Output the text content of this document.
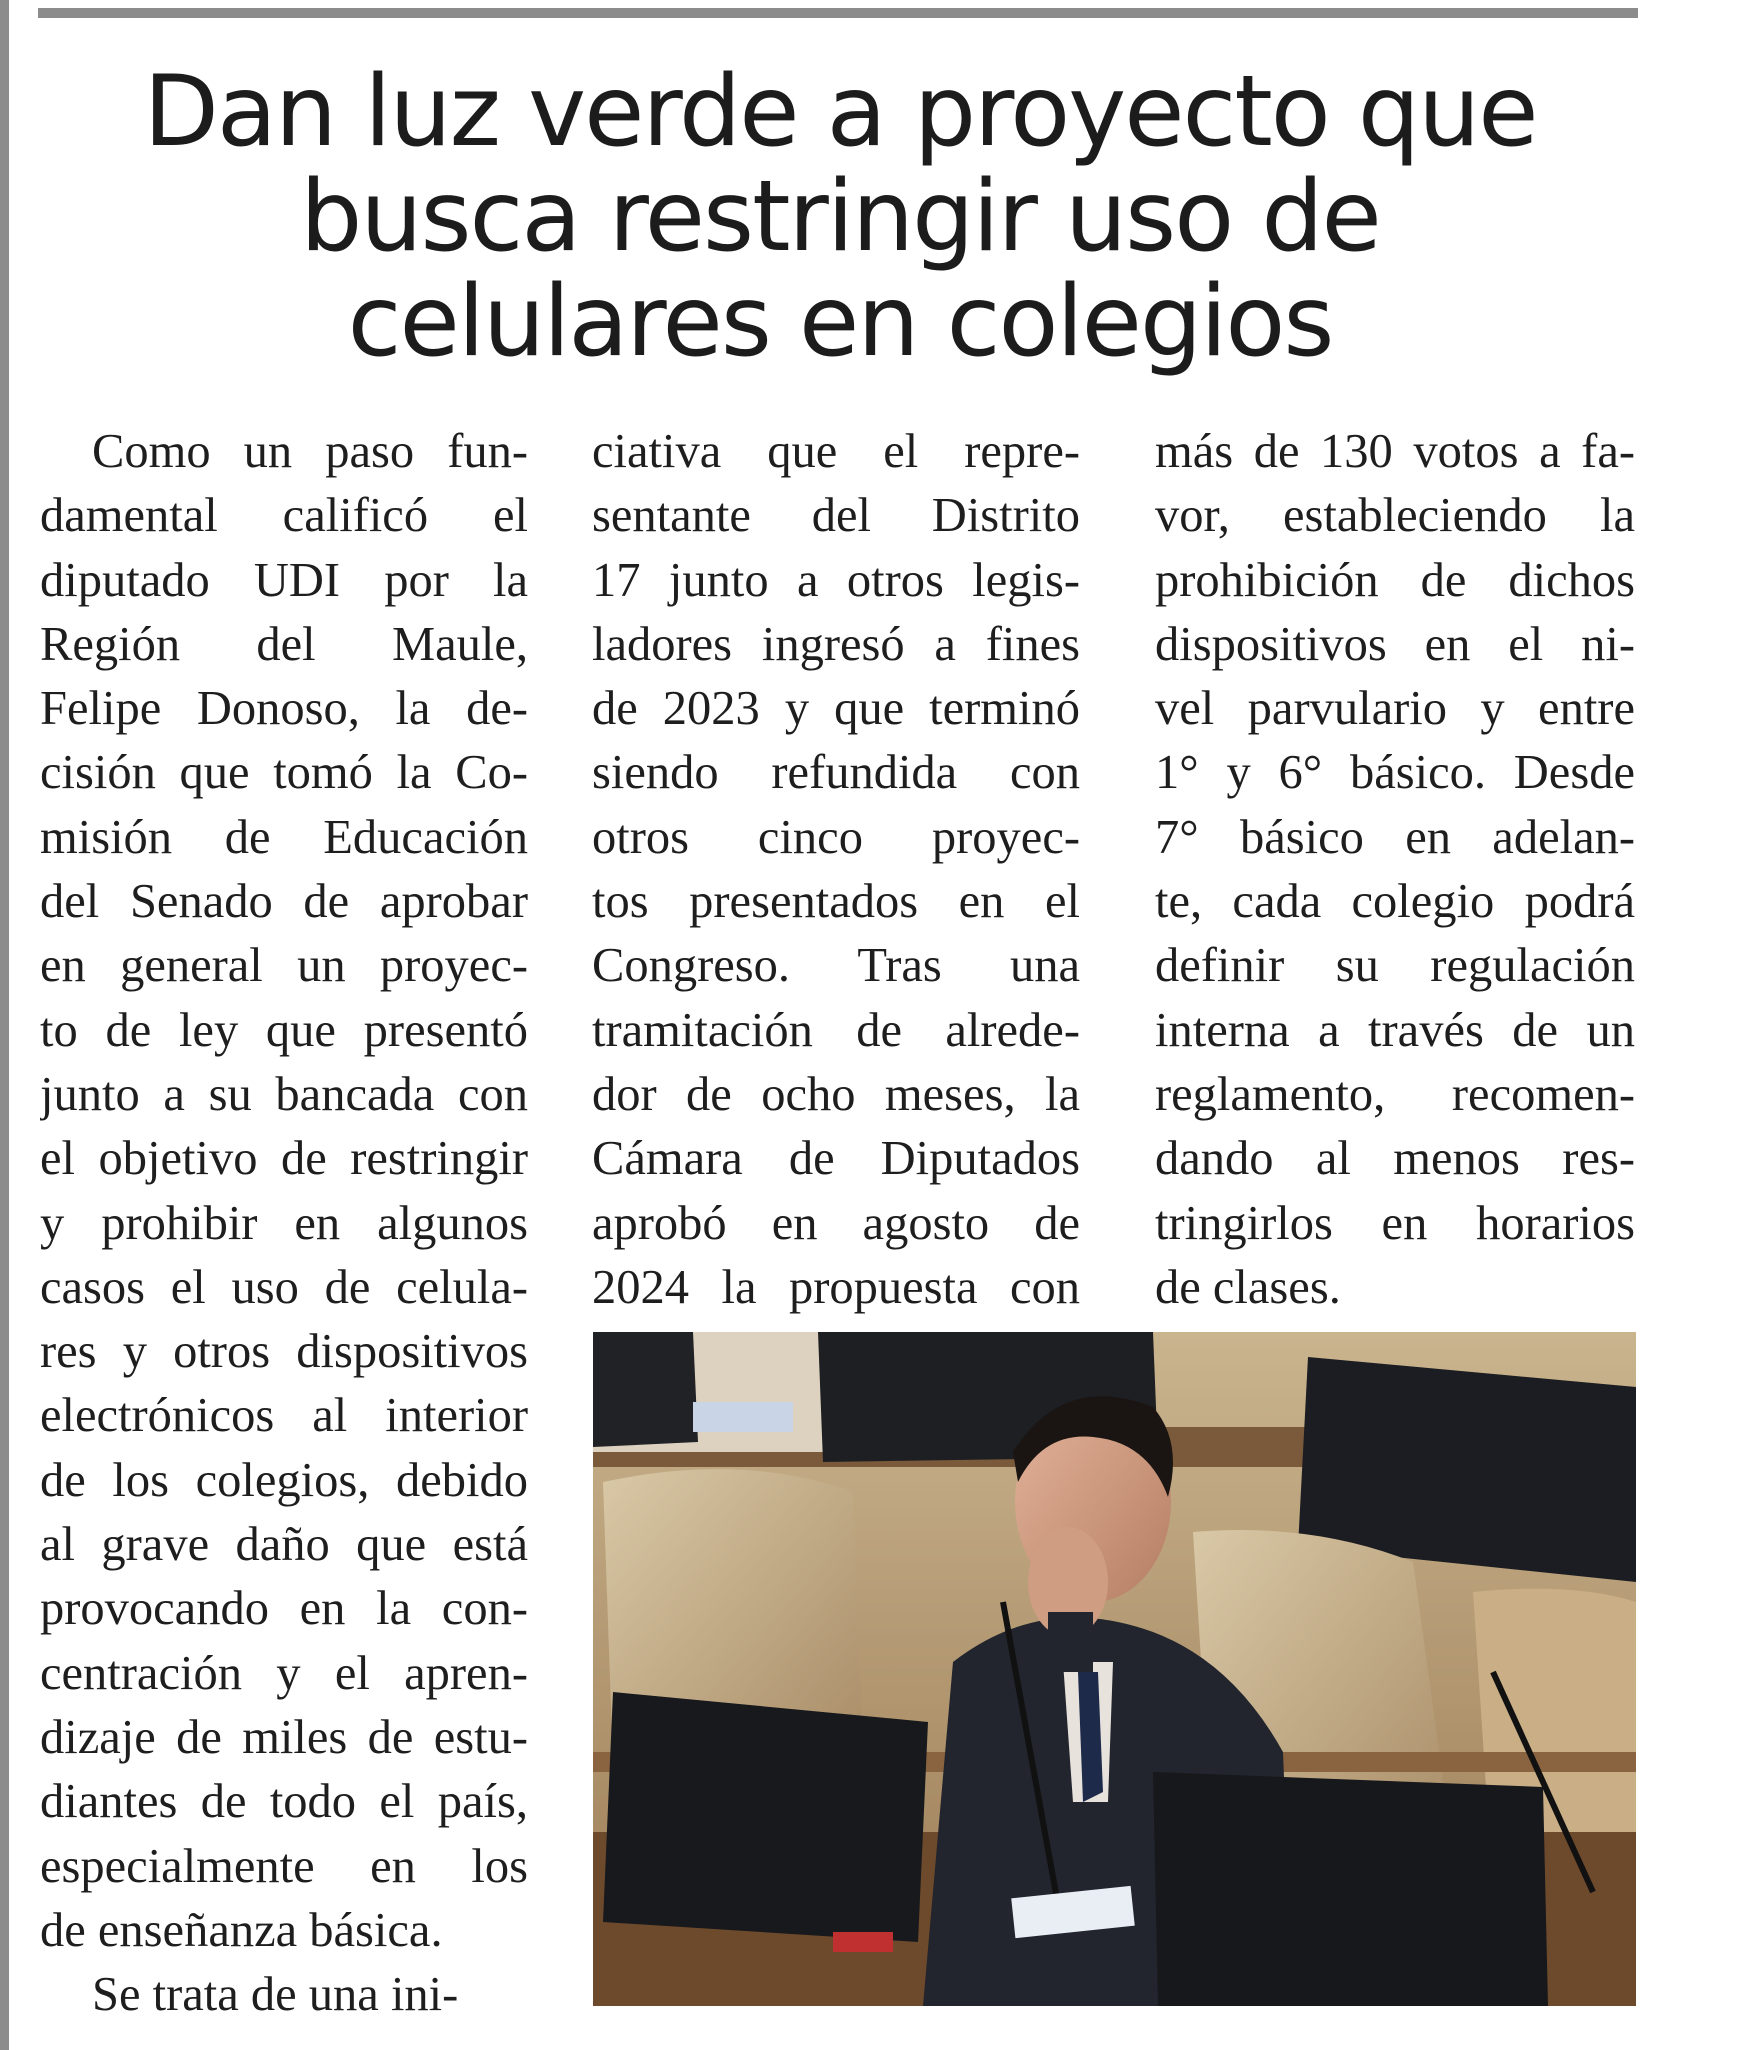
Dan luz verde a proyecto que
busca restringir uso de
celulares en colegios
Como un paso fun-
damental calificó el
diputado UDI por la
Región del Maule,
Felipe Donoso, la de-
cisión que tomó la Co-
misión de Educación
del Senado de aprobar
en general un proyec-
to de ley que presentó
junto a su bancada con
el objetivo de restringir
y prohibir en algunos
casos el uso de celula-
res y otros dispositivos
electrónicos al interior
de los colegios, debido
al grave daño que está
provocando en la con-
centración y el apren-
dizaje de miles de estu-
diantes de todo el país,
especialmente en los
de enseñanza básica.
Se trata de una ini-
ciativa que el repre-
sentante del Distrito
17 junto a otros legis-
ladores ingresó a fines
de 2023 y que terminó
siendo refundida con
otros cinco proyec-
tos presentados en el
Congreso. Tras una
tramitación de alrede-
dor de ocho meses, la
Cámara de Diputados
aprobó en agosto de
2024 la propuesta con
más de 130 votos a fa-
vor, estableciendo la
prohibición de dichos
dispositivos en el ni-
vel parvulario y entre
1° y 6° básico. Desde
7° básico en adelan-
te, cada colegio podrá
definir su regulación
interna a través de un
reglamento, recomen-
dando al menos res-
tringirlos en horarios
de clases.
